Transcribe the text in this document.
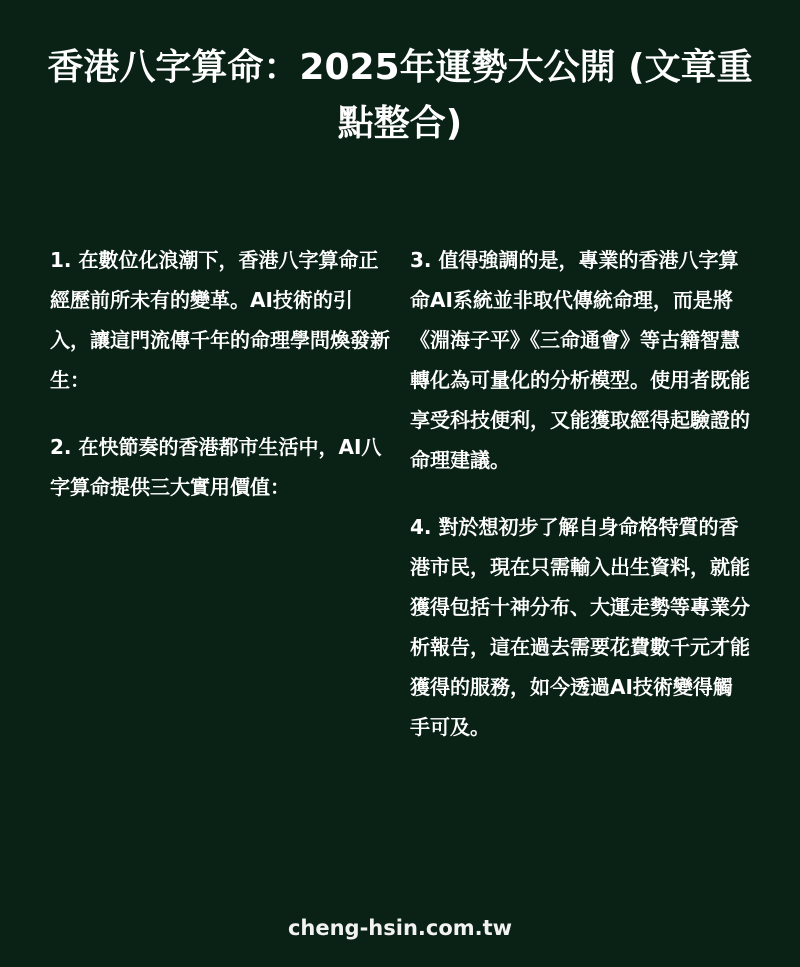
香港八字算命：2025年運勢大公開 (文章重點整合)

1. 在數位化浪潮下，香港八字算命正經歷前所未有的變革。AI技術的引入，讓這門流傳千年的命理學問煥發新生：

2. 在快節奏的香港都市生活中，AI八字算命提供三大實用價值：

3. 值得強調的是，專業的香港八字算命AI系統並非取代傳統命理，而是將《淵海子平》《三命通會》等古籍智慧轉化為可量化的分析模型。使用者既能享受科技便利，又能獲取經得起驗證的命理建議。

4. 對於想初步了解自身命格特質的香港市民，現在只需輸入出生資料，就能獲得包括十神分布、大運走勢等專業分析報告，這在過去需要花費數千元才能獲得的服務，如今透過AI技術變得觸手可及。

cheng-hsin.com.tw
